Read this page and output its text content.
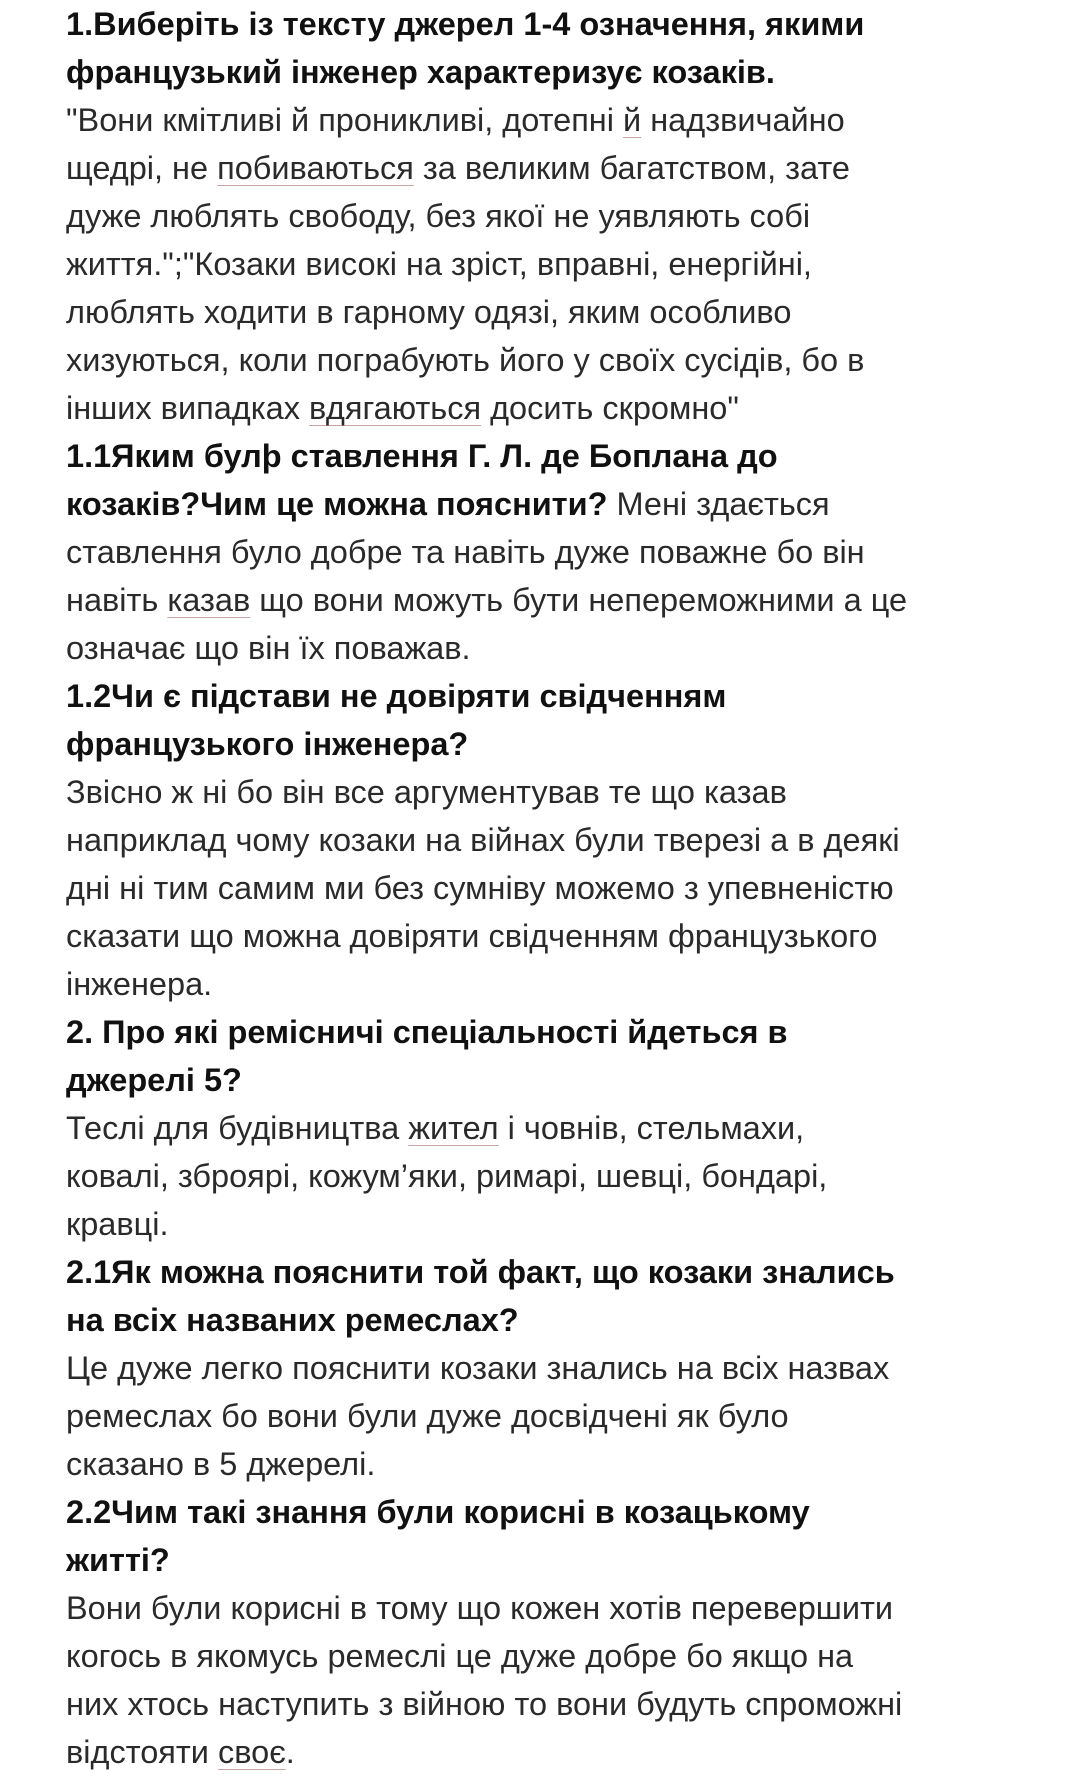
1.Виберіть із тексту джерел 1-4 означення, якими
французький інженер характеризує козаків.
"Вони кмітливі й проникливі, дотепні й надзвичайно
щедрі, не побиваються за великим багатством, зате
дуже люблять свободу, без якої не уявляють собі
життя.";"Козаки високі на зріст, вправні, енергійні,
люблять ходити в гарному одязі, яким особливо
хизуються, коли пограбують його у своїх сусідів, бо в
інших випадках вдягаються досить скромно"
1.1Яким булþ ставлення Г. Л. де Боплана до
козаків?Чим це можна пояснити? Мені здається
ставлення було добре та навіть дуже поважне бо він
навіть казав що вони можуть бути непереможними а це
означає що він їх поважав.
1.2Чи є підстави не довіряти свідченням
французького інженера?
Звісно ж ні бо він все аргументував те що казав
наприклад чому козаки на війнах були тверезі а в деякі
дні ні тим самим ми без сумніву можемо з упевненістю
сказати що можна довіряти свідченням французького
інженера.
2. Про які ремісничі спеціальності йдеться в
джерелі 5?
Теслі для будівництва жител і човнів, стельмахи,
ковалі, зброярі, кожум’яки, римарі, шевці, бондарі,
кравці.
2.1Як можна пояснити той факт, що козаки знались
на всіх названих ремеслах?
Це дуже легко пояснити козаки знались на всіх назвах
ремеслах бо вони були дуже досвідчені як було
сказано в 5 джерелі.
2.2Чим такі знання були корисні в козацькому
житті?
Вони були корисні в тому що кожен хотів перевершити
когось в якомусь ремеслі це дуже добре бо якщо на
них хтось наступить з війною то вони будуть спроможні
відстояти своє.
